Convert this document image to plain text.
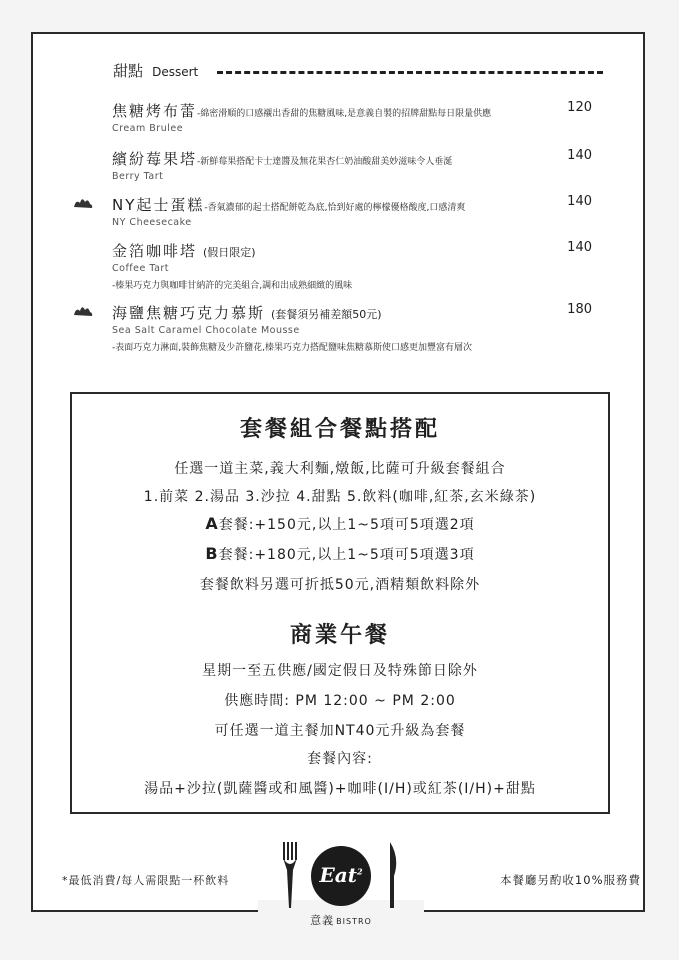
甜點 Dessert
焦糖烤布蕾-綿密滑順的口感襯出香甜的焦糖風味,是意義自製的招牌甜點每日限量供應
Cream Brulee
120
繽紛莓果塔-新鮮莓果搭配卡士達醬及無花果杏仁奶油酸甜美妙滋味令人垂涎
Berry Tart
140
NY起士蛋糕-香氣濃郁的起士搭配餅乾為底,恰到好處的檸檬優格酸度,口感清爽
NY Cheesecake
140
金箔咖啡塔 (假日限定)
Coffee Tart
-榛果巧克力與咖啡甘納許的完美組合,調和出成熟細緻的風味
140
海鹽焦糖巧克力慕斯 (套餐須另補差額50元)
Sea Salt Caramel Chocolate Mousse
-表面巧克力淋面,裝飾焦糖及少許鹽花,榛果巧克力搭配鹽味焦糖慕斯使口感更加豐富有層次
180
套餐組合餐點搭配
任選一道主菜,義大利麵,燉飯,比薩可升級套餐組合
1.前菜 2.湯品 3.沙拉 4.甜點 5.飲料(咖啡,紅茶,玄米綠茶)
A套餐:+150元,以上1~5項可5項選2項
B套餐:+180元,以上1~5項可5項選3項
套餐飲料另選可折抵50元,酒精類飲料除外
商業午餐
星期一至五供應/國定假日及特殊節日除外
供應時間: PM 12:00 ~ PM 2:00
可任選一道主餐加NT40元升級為套餐
套餐內容:
湯品+沙拉(凱薩醬或和風醬)+咖啡(I/H)或紅茶(I/H)+甜點
*最低消費/每人需限點一杯飲料	本餐廳另酌收10%服務費
Eat$^2$
意義 BISTRO
